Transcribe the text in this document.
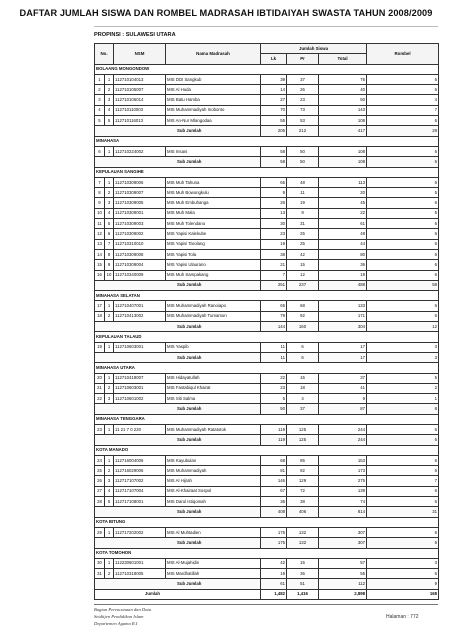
DAFTAR JUMLAH SISWA DAN ROMBEL MADRASAH IBTIDAIYAH SWASTA TAHUN 2008/2009
PROPINSI : SULAWESI UTARA
No.		NSM	Nama Madrasah	Jumlah Siswa			Rombel
				Lk	Pr	Total	
BOLAANG MONGONDOW							
1	1	112710104013	MIS DDI Sangkub	39	37	76	6
2	2	112710105007	MIS Al Huda	14	26	40	6
3	3	112710106014	MIS Batu Hamba	27	23	50	4
4	4	112710110003	MIS Muhammadiyah Inobonto	70	73	143	7
5	5	112710116013	MIS An-Nur Mlangodaa	55	53	108	6
Sub Jumlah				205	212	417	29
MINAHASA							
6	1	112710224002	MIS Insani	58	50	108	6
Sub Jumlah				58	50	108	6
KEPULAUAN SANGIHE							
7	1	112710309006	MIS Muh Tahuna	65	48	113	6
8	2	112710309007	MIS Muh Bowongkulu	9	11	20	5
9	3	112710309005	MIS Muh Embuhanga	26	19	45	6
10	4	112710309001	MIS Muh Mala	13	9	22	5
11	5	112710309003	MIS Muh Tolendano	30	31	61	6
12	6	112710309002	MIS Yapisi Kalekube	23	25	48	6
13	7	112710310010	MIS Yapisi Tarolang	19	25	44	6
14	8	112710309008	MIS Yapisi Tola	38	42	80	6
15	9	112710309004	MIS Yapisi Ulaurano	21	15	36	6
16	10	112710340009	MIS Muh Sampakang	7	12	19	6
Sub Jumlah				251	237	488	58
MINAHASA SELATAN							
17	1	112710407001	MIS Muhammadiyah Ranoiapo	65	68	133	6
18	2	112710413002	MIS Muhammadiyah Tumamon	79	92	171	6
Sub Jumlah				144	160	304	12
KEPULAUAN TALAUD							
19	1	112710603001	MIS Yaspib	11	6	17	3
Sub Jumlah				11	6	17	3
MINAHASA UTARA							
20	1	112710418007	MIS Hidayatullah	22	15	37	5
21	2	112710603001	MIS Fastabiqul Khairat	23	18	41	2
22	3	112710601002	MIS Siti Salma	5	4	9	1
Sub Jumlah				50	37	87	8
MINAHASA TENGGARA							
23	1	11 21 7 0 220	MIS Muhammadiyah Ratatotok	119	125	244	6
Sub Jumlah				119	125	244	6
KOTA MANADO							
24	1	112716004006	MIS Kayubulan	68	85	153	6
25	2	112716029006	MIS Muhammadiyah	81	92	173	6
26	3	112717107002	MIS Al Hijrah	146	129	275	7
27	4	112717107004	MIS Al-Khairaat Sospol	67	72	139	6
28	5	112717108001	MIS Darul Istiqomah	36	38	74	6
Sub Jumlah				408	406	814	31
KOTA BITUNG							
29	1	112717202002	MIS Al Muhtadien	175	132	307	6
Sub Jumlah				175	132	307	6
KOTA TOMOHON							
30	1	112230601001	MIS Al-Mujahidin	42	15	57	3
31	2	112710318005	MIS Mardhatillah	19	36	55	6
Sub Jumlah				61	51	112	9
Jumlah				1,482	1,416	2,898	168
Bagian Perencanaan dan Data
Setditjen Pendidikan Islam
Departemen Agama R.I
Halaman : 772
